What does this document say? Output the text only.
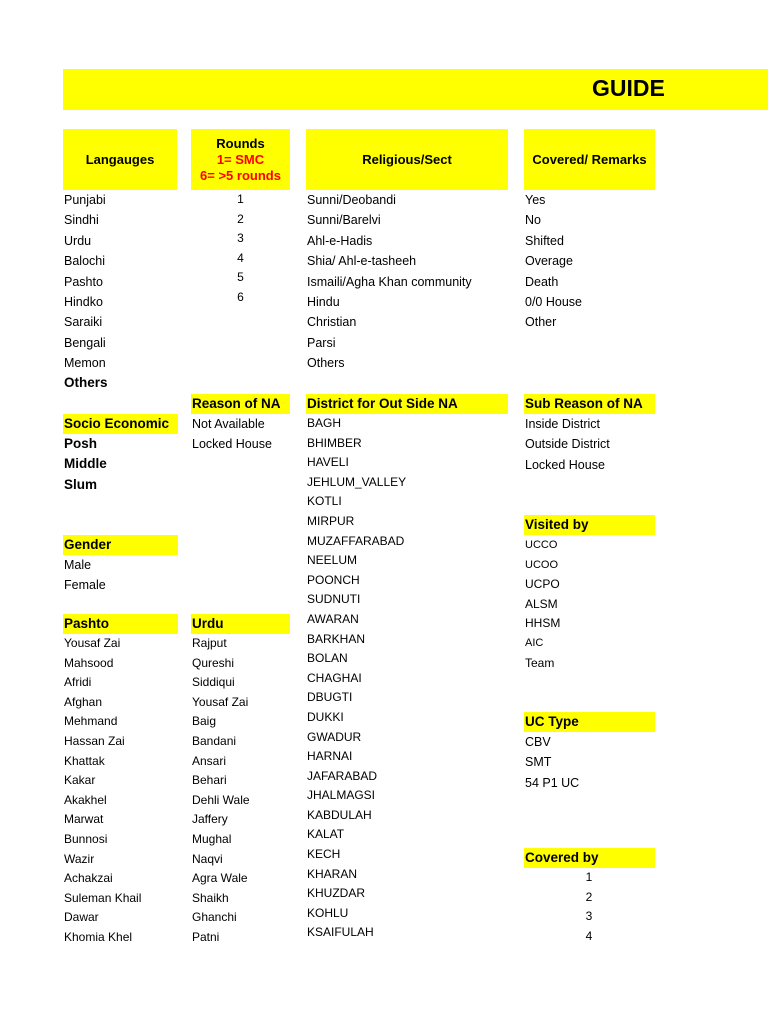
GUIDE
Langauges
Rounds
1= SMC
6= >5 rounds
Religious/Sect	Covered/ Remarks
Punjabi
Sindhi
Urdu
Balochi
Pashto
Hindko
Saraiki
Bengali
Memon
Others
1
2
3
4
5
6
Sunni/Deobandi
Sunni/Barelvi
Ahl-e-Hadis
Shia/ Ahl-e-tasheeh
Ismaili/Agha Khan community
Hindu
Christian
Parsi
Others
Yes
No
Shifted
Overage
Death
0/0 House
Other
Reason of NA
Not Available
Locked House
District for Out Side NA
BAGH
BHIMBER
HAVELI
JEHLUM_VALLEY
KOTLI
MIRPUR
MUZAFFARABAD
NEELUM
POONCH
SUDNUTI
AWARAN
BARKHAN
BOLAN
CHAGHAI
DBUGTI
DUKKI
GWADUR
HARNAI
JAFARABAD
JHALMAGSI
KABDULAH
KALAT
KECH
KHARAN
KHUZDAR
KOHLU
KSAIFULAH
Sub Reason of NA
Inside District
Outside District
Locked House
Socio Economic
Posh
Middle
Slum
Visited by
UCCO
UCOO
UCPO
ALSM
HHSM
AIC
Team
Gender
Male
Female
Pashto
Yousaf Zai
Mahsood
Afridi
Afghan
Mehmand
Hassan Zai
Khattak
Kakar
Akakhel
Marwat
Bunnosi
Wazir
Achakzai
Suleman Khail
Dawar
Khomia Khel
Urdu
Rajput
Qureshi
Siddiqui
Yousaf Zai
Baig
Bandani
Ansari
Behari
Dehli Wale
Jaffery
Mughal
Naqvi
Agra Wale
Shaikh
Ghanchi
Patni
UC Type
CBV
SMT
54 P1 UC
Covered by
1
2
3
4
